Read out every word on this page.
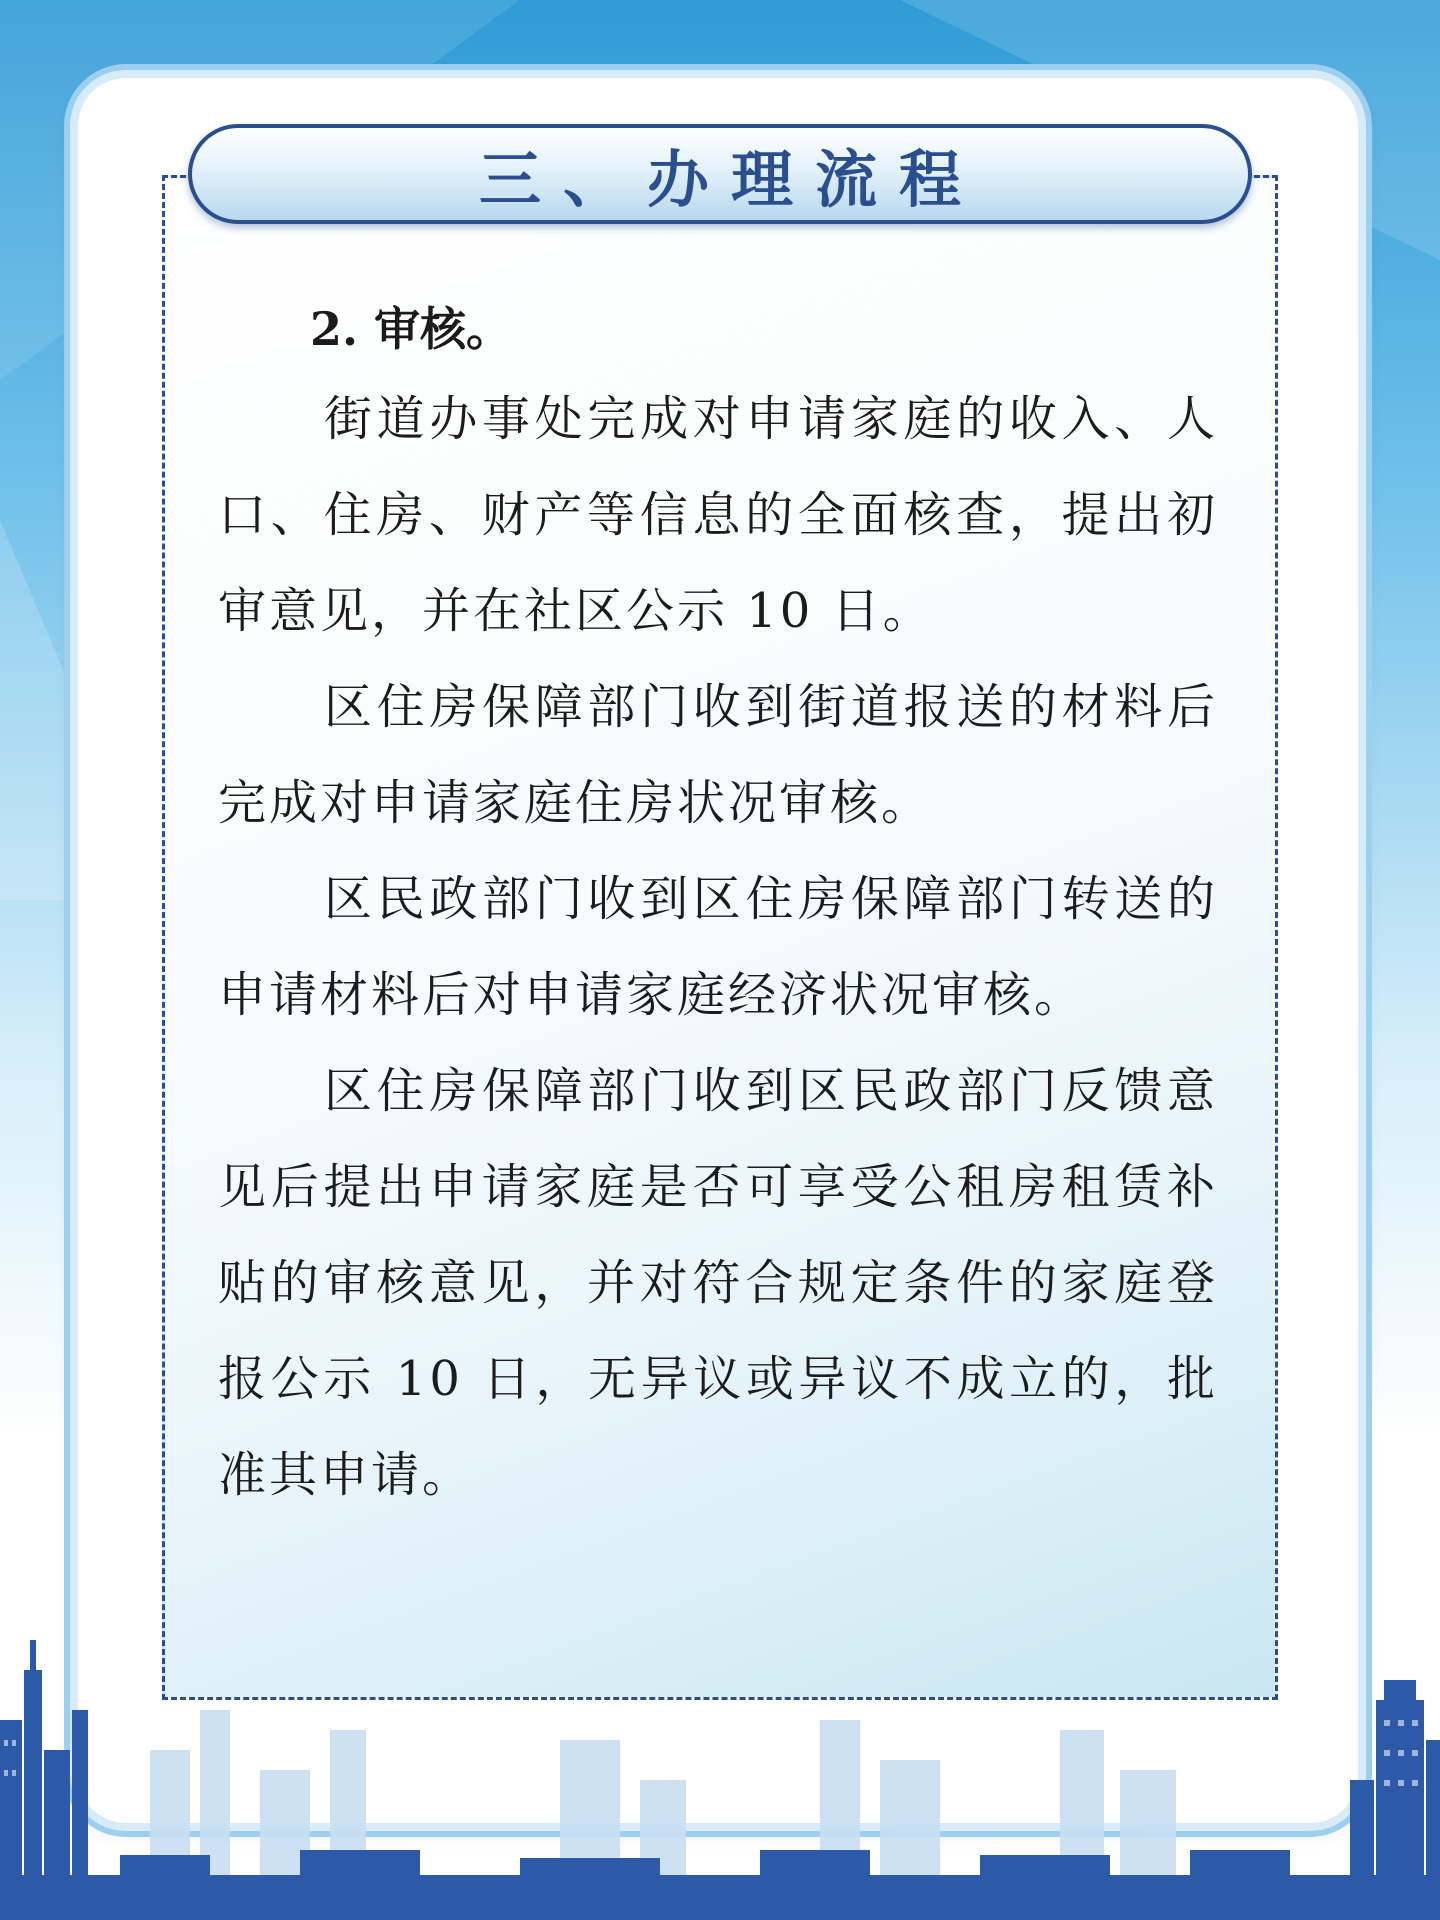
三、办理流程
2. 审核。

街道办事处完成对申请家庭的收入、人口、住房、财产等信息的全面核查，提出初审意见，并在社区公示 10 日。

区住房保障部门收到街道报送的材料后完成对申请家庭住房状况审核。

区民政部门收到区住房保障部门转送的申请材料后对申请家庭经济状况审核。

区住房保障部门收到区民政部门反馈意见后提出申请家庭是否可享受公租房租赁补贴的审核意见，并对符合规定条件的家庭登报公示 10 日，无异议或异议不成立的，批准其申请。
